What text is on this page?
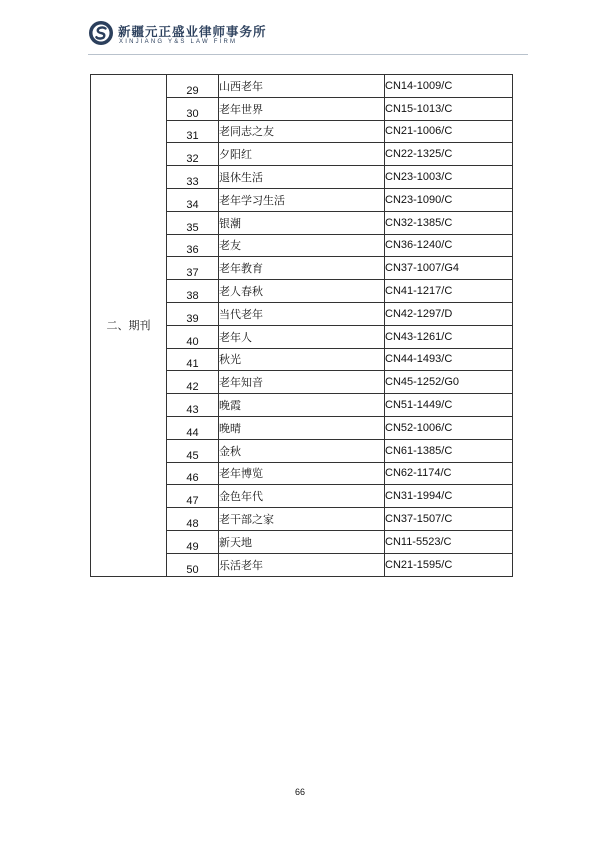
新疆元正盛业律师事务所
XINJIANG Y&S LAW FIRM
二、期刊	29	山西老年	CN14-1009/C
	30	老年世界	CN15-1013/C
	31	老同志之友	CN21-1006/C
	32	夕阳红	CN22-1325/C
	33	退休生活	CN23-1003/C
	34	老年学习生活	CN23-1090/C
	35	银潮	CN32-1385/C
	36	老友	CN36-1240/C
	37	老年教育	CN37-1007/G4
	38	老人春秋	CN41-1217/C
	39	当代老年	CN42-1297/D
	40	老年人	CN43-1261/C
	41	秋光	CN44-1493/C
	42	老年知音	CN45-1252/G0
	43	晚霞	CN51-1449/C
	44	晚晴	CN52-1006/C
	45	金秋	CN61-1385/C
	46	老年博览	CN62-1174/C
	47	金色年代	CN31-1994/C
	48	老干部之家	CN37-1507/C
	49	新天地	CN11-5523/C
	50	乐活老年	CN21-1595/C
66
